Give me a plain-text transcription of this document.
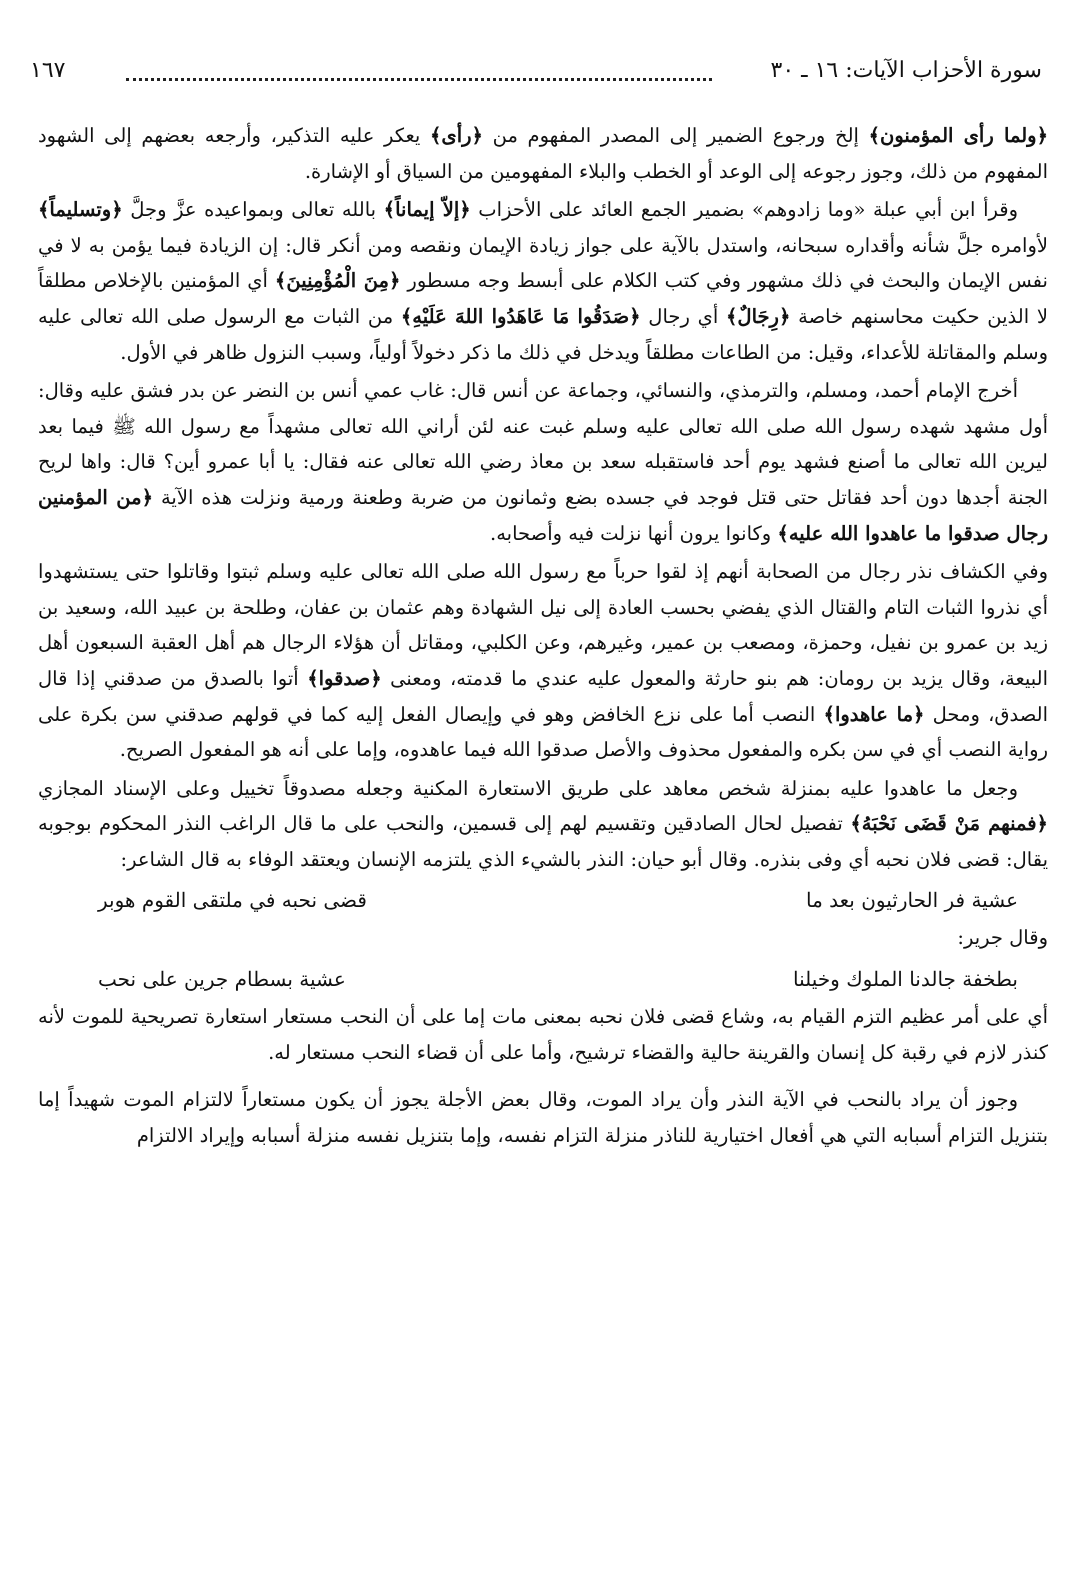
سورة الأحزاب الآيات: ١٦ ـ ٣٠
١٦٧

﴿ولما رأى المؤمنون﴾ إلخ ورجوع الضمير إلى المصدر المفهوم من ﴿رأى﴾ يعكر عليه التذكير، وأرجعه بعضهم إلى الشهود المفهوم من ذلك، وجوز رجوعه إلى الوعد أو الخطب والبلاء المفهومين من السياق أو الإشارة.

وقرأ ابن أبي عبلة «وما زادوهم» بضمير الجمع العائد على الأحزاب ﴿إلاّ إيماناً﴾ بالله تعالى وبمواعيده عزَّ وجلَّ ﴿وتسليماً﴾ لأوامره جلَّ شأنه وأقداره سبحانه، واستدل بالآية على جواز زيادة الإيمان ونقصه ومن أنكر قال: إن الزيادة فيما يؤمن به لا في نفس الإيمان والبحث في ذلك مشهور وفي كتب الكلام على أبسط وجه مسطور ﴿مِنَ الْمُؤْمِنِينَ﴾ أي المؤمنين بالإخلاص مطلقاً لا الذين حكيت محاسنهم خاصة ﴿رِجَالٌ﴾ أي رجال ﴿صَدَقُوا مَا عَاهَدُوا اللهَ عَلَيْهِ﴾ من الثبات مع الرسول صلى الله تعالى عليه وسلم والمقاتلة للأعداء، وقيل: من الطاعات مطلقاً ويدخل في ذلك ما ذكر دخولاً أولياً، وسبب النزول ظاهر في الأول.

أخرج الإمام أحمد، ومسلم، والترمذي، والنسائي، وجماعة عن أنس قال: غاب عمي أنس بن النضر عن بدر فشق عليه وقال: أول مشهد شهده رسول الله صلى الله تعالى عليه وسلم غبت عنه لئن أراني الله تعالى مشهداً مع رسول الله ﷺ فيما بعد ليرين الله تعالى ما أصنع فشهد يوم أحد فاستقبله سعد بن معاذ رضي الله تعالى عنه فقال: يا أبا عمرو أين؟ قال: واها لريح الجنة أجدها دون أحد فقاتل حتى قتل فوجد في جسده بضع وثمانون من ضربة وطعنة ورمية ونزلت هذه الآية ﴿من المؤمنين رجال صدقوا ما عاهدوا الله عليه﴾ وكانوا يرون أنها نزلت فيه وأصحابه.

وفي الكشاف نذر رجال من الصحابة أنهم إذ لقوا حرباً مع رسول الله صلى الله تعالى عليه وسلم ثبتوا وقاتلوا حتى يستشهدوا أي نذروا الثبات التام والقتال الذي يفضي بحسب العادة إلى نيل الشهادة وهم عثمان بن عفان، وطلحة بن عبيد الله، وسعيد بن زيد بن عمرو بن نفيل، وحمزة، ومصعب بن عمير، وغيرهم، وعن الكلبي، ومقاتل أن هؤلاء الرجال هم أهل العقبة السبعون أهل البيعة، وقال يزيد بن رومان: هم بنو حارثة والمعول عليه عندي ما قدمته، ومعنى ﴿صدقوا﴾ أتوا بالصدق من صدقني إذا قال الصدق، ومحل ﴿ما عاهدوا﴾ النصب أما على نزع الخافض وهو في وإيصال الفعل إليه كما في قولهم صدقني سن بكرة على رواية النصب أي في سن بكره والمفعول محذوف والأصل صدقوا الله فيما عاهدوه، وإما على أنه هو المفعول الصريح.

وجعل ما عاهدوا عليه بمنزلة شخص معاهد على طريق الاستعارة المكنية وجعله مصدوقاً تخييل وعلى الإسناد المجازي ﴿فمنهم مَنْ قَضَى نَحْبَهُ﴾ تفصيل لحال الصادقين وتقسيم لهم إلى قسمين، والنحب على ما قال الراغب النذر المحكوم بوجوبه يقال: قضى فلان نحبه أي وفى بنذره. وقال أبو حيان: النذر بالشيء الذي يلتزمه الإنسان ويعتقد الوفاء به قال الشاعر:

عشية فر الحارثيون بعد ما
قضى نحبه في ملتقى القوم هوبر

وقال جرير:

بطخفة جالدنا الملوك وخيلنا
عشية بسطام جرين على نحب

أي على أمر عظيم التزم القيام به، وشاع قضى فلان نحبه بمعنى مات إما على أن النحب مستعار استعارة تصريحية للموت لأنه كنذر لازم في رقبة كل إنسان والقرينة حالية والقضاء ترشيح، وأما على أن قضاء النحب مستعار له.

وجوز أن يراد بالنحب في الآية النذر وأن يراد الموت، وقال بعض الأجلة يجوز أن يكون مستعاراً لالتزام الموت شهيداً إما بتنزيل التزام أسبابه التي هي أفعال اختيارية للناذر منزلة التزام نفسه، وإما بتنزيل نفسه منزلة أسبابه وإيراد الالتزام
